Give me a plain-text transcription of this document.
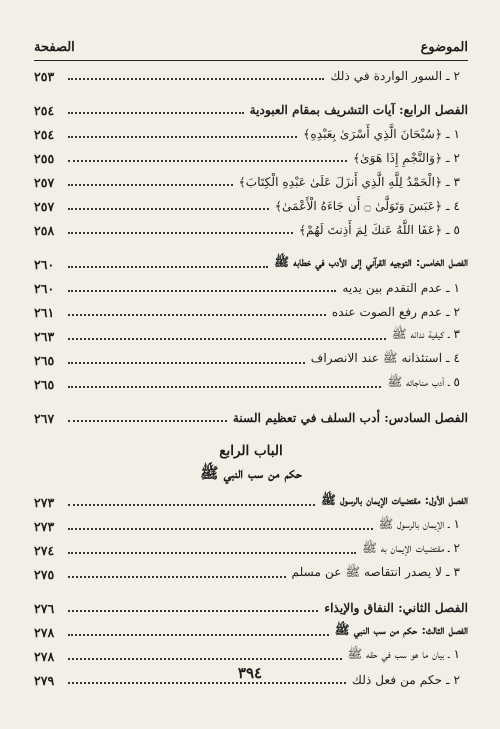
الموضوع
الصفحة
٢ ـ السور الواردة في ذلك
٢٥٣
الفصل الرابع: آيات التشريف بمقام العبودية
٢٥٤
١ ـ ﴿سُبْحَانَ الَّذِي أَسْرَىٰ بِعَبْدِهِ﴾
٢٥٤
٢ ـ ﴿وَالنَّجْمِ إِذَا هَوَىٰ﴾
٢٥٥
٣ ـ ﴿الْحَمْدُ لِلَّهِ الَّذِي أَنزَلَ عَلَىٰ عَبْدِهِ الْكِتَابَ﴾
٢٥٧
٤ ـ ﴿عَبَسَ وَتَوَلَّىٰ ۝ أَن جَاءَهُ الْأَعْمَىٰ﴾
٢٥٧
٥ ـ ﴿عَفَا اللَّهُ عَنكَ لِمَ أَذِنتَ لَهُمْ﴾
٢٥٨
الفصل الخامس: التوجيه القرآني إلى الأدب في خطابه ﷺ
٢٦٠
١ ـ عدم التقدم بين يديه
٢٦٠
٢ ـ عدم رفع الصوت عنده
٢٦١
٣ ـ كيفية ندائه ﷺ
٢٦٣
٤ ـ استئذانه ﷺ عند الانصراف
٢٦٥
٥ ـ أدب مناجاته ﷺ
٢٦٥
الفصل السادس: أدب السلف في تعظيم السنة
٢٦٧
الباب الرابع
حكم من سب النبي ﷺ
الفصل الأول: مقتضيات الإيمان بالرسول ﷺ
٢٧٣
١ ـ الإيمان بالرسول ﷺ
٢٧٣
٢ ـ مقتضيات الإيمان به ﷺ
٢٧٤
٣ ـ لا يصدر انتقاصه ﷺ عن مسلم
٢٧٥
الفصل الثاني: النفاق والإيذاء
٢٧٦
الفصل الثالث: حكم من سب النبي ﷺ
٢٧٨
١ ـ بيان ما هو سب في حقه ﷺ
٢٧٨
٢ ـ حكم من فعل ذلك
٢٧٩	٣٩٤
